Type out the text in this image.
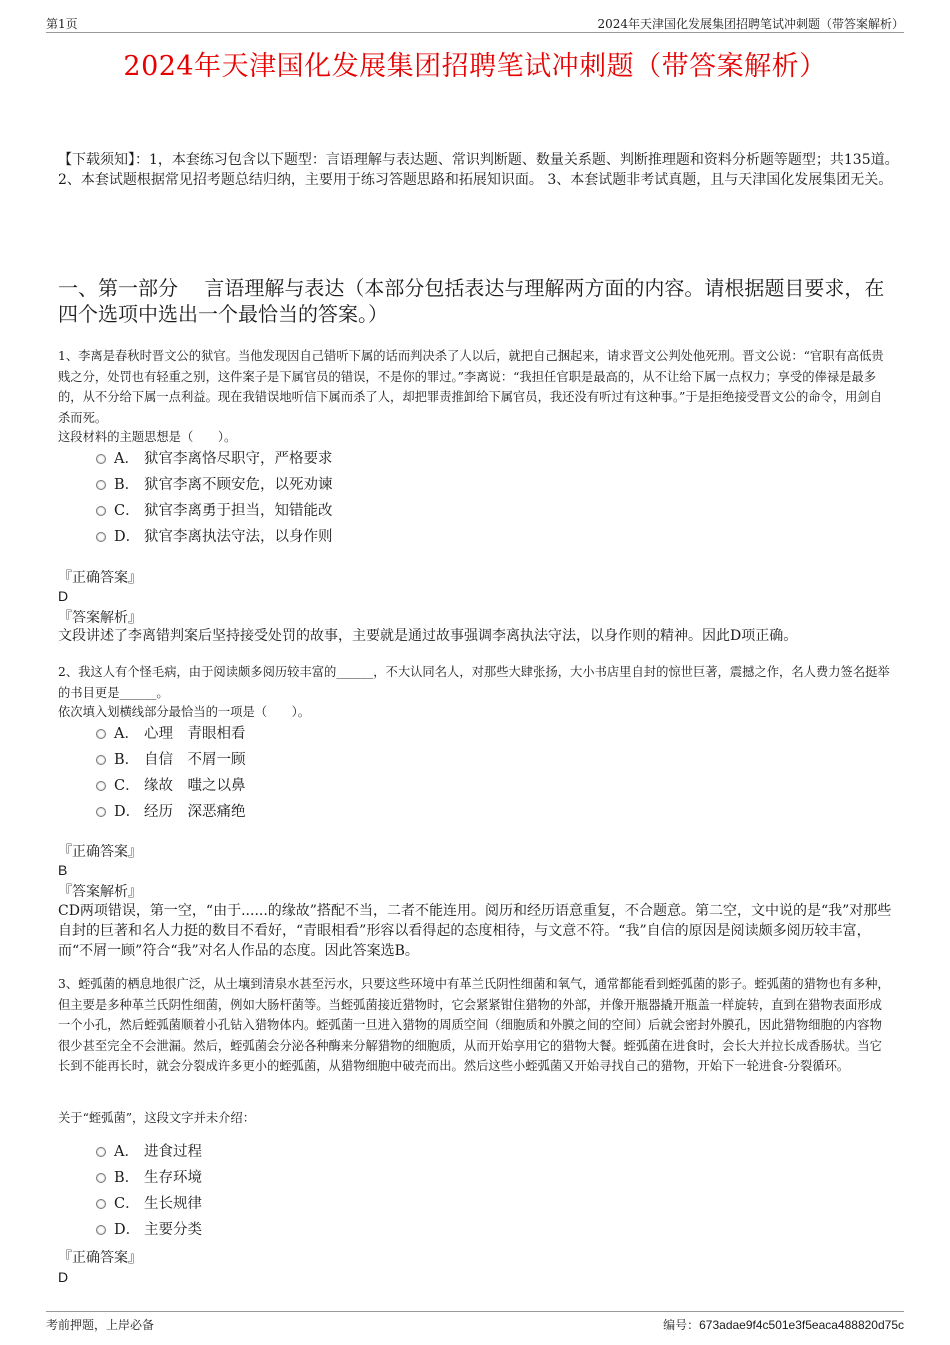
第1页	2024年天津国化发展集团招聘笔试冲刺题（带答案解析）
2024年天津国化发展集团招聘笔试冲刺题（带答案解析）
【下载须知】：1，本套练习包含以下题型：言语理解与表达题、常识判断题、数量关系题、判断推理题和资料分析题等题型；共135道。 2、本套试题根据常见招考题总结归纳，主要用于练习答题思路和拓展知识面。 3、本套试题非考试真题，且与天津国化发展集团无关。
一、第一部分　 言语理解与表达（本部分包括表达与理解两方面的内容。请根据题目要求，在四个选项中选出一个最恰当的答案。）
1、李离是春秋时晋文公的狱官。当他发现因自己错听下属的话而判决杀了人以后，就把自己捆起来，请求晋文公判处他死刑。晋文公说：“官职有高低贵贱之分，处罚也有轻重之别，这件案子是下属官员的错误，不是你的罪过。”李离说：“我担任官职是最高的，从不让给下属一点权力；享受的俸禄是最多的，从不分给下属一点利益。现在我错误地听信下属而杀了人，却把罪责推卸给下属官员，我还没有听过有这种事。”于是拒绝接受晋文公的命令，用剑自杀而死。
这段材料的主题思想是（　　）。
A． 狱官李离恪尽职守，严格要求
B． 狱官李离不顾安危，以死劝谏
C． 狱官李离勇于担当，知错能改
D． 狱官李离执法守法，以身作则
『正确答案』
D
『答案解析』
文段讲述了李离错判案后坚持接受处罚的故事，主要就是通过故事强调李离执法守法，以身作则的精神。因此D项正确。
2、我这人有个怪毛病，由于阅读颇多阅历较丰富的______，不大认同名人，对那些大肆张扬，大小书店里自封的惊世巨著，震撼之作，名人费力签名挺举的书目更是______。
依次填入划横线部分最恰当的一项是（　　）。
A． 心理　青眼相看
B． 自信　不屑一顾
C． 缘故　嗤之以鼻
D． 经历　深恶痛绝
『正确答案』
B
『答案解析』
CD两项错误，第一空，“由于......的缘故”搭配不当，二者不能连用。阅历和经历语意重复，不合题意。第二空，文中说的是“我”对那些自封的巨著和名人力挺的数目不看好，“青眼相看”形容以看得起的态度相待，与文意不符。“我”自信的原因是阅读颇多阅历较丰富，而“不屑一顾”符合“我”对名人作品的态度。因此答案选B。
3、蛭弧菌的栖息地很广泛，从土壤到清泉水甚至污水，只要这些环境中有革兰氏阴性细菌和氧气，通常都能看到蛭弧菌的影子。蛭弧菌的猎物也有多种，但主要是多种革兰氏阴性细菌，例如大肠杆菌等。当蛭弧菌接近猎物时，它会紧紧钳住猎物的外部，并像开瓶器撬开瓶盖一样旋转，直到在猎物表面形成一个小孔，然后蛭弧菌顺着小孔钻入猎物体内。蛭弧菌一旦进入猎物的周质空间（细胞质和外膜之间的空间）后就会密封外膜孔，因此猎物细胞的内容物很少甚至完全不会泄漏。然后，蛭弧菌会分泌各种酶来分解猎物的细胞质，从而开始享用它的猎物大餐。蛭弧菌在进食时，会长大并拉长成香肠状。当它长到不能再长时，就会分裂成许多更小的蛭弧菌，从猎物细胞中破壳而出。然后这些小蛭弧菌又开始寻找自己的猎物，开始下一轮进食-分裂循环。
关于“蛭弧菌”，这段文字并未介绍：
A． 进食过程
B． 生存环境
C． 生长规律
D． 主要分类
『正确答案』
D
考前押题，上岸必备	编号：673adae9f4c501e3f5eaca488820d75c
